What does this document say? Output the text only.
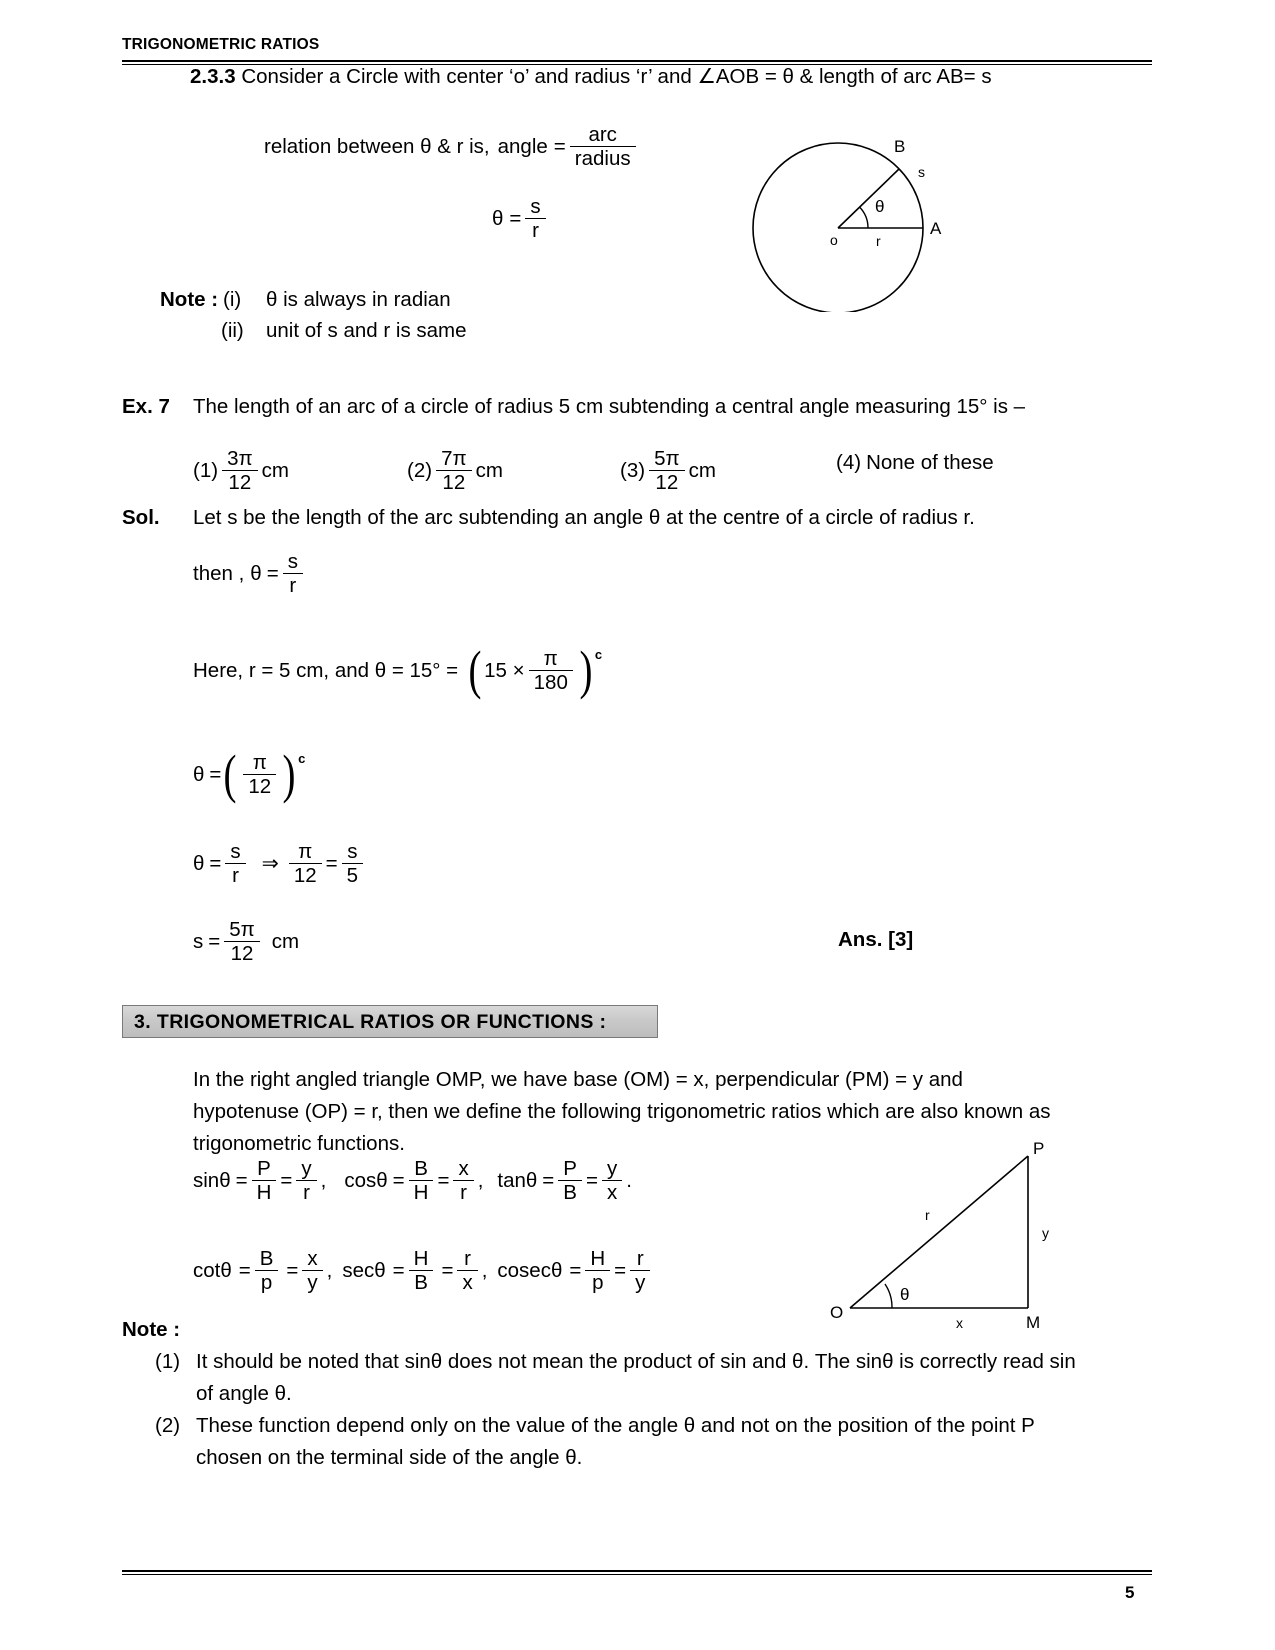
TRIGONOMETRIC RATIOS
2.3.3 Consider a Circle with center ‘o’ and radius ‘r’ and ∠AOB = θ & length of arc AB= s
relation between θ & r is, angle = $\frac{\text{arc}}{\text{radius}}$
$\theta = \frac{s}{r}$	θ
o	r
A
B
s
Note : (i) θ is always in radian
(ii) unit of s and r is same
Ex. 7 The length of an arc of a circle of radius 5 cm subtending a central angle measuring 15° is –
$(1) \frac{3\pi}{12}$ cm	$(2) \frac{7\pi}{12}$ cm	$(3) \frac{5\pi}{12}$ cm	(4) None of these
Sol. Let s be the length of the arc subtending an angle θ at the centre of a circle of radius r.
then , $\theta = \frac{s}{r}$
Here, r = 5 cm, and θ = 15° = ( $15 \times \frac{\pi}{180}$ ) c
θ = ( $\frac{\pi}{12}$ ) c
$\theta = \frac{s}{r}$ ⇒ $\frac{\pi}{12} = \frac{s}{5}$
$s = \frac{5\pi}{12}$ cm	Ans. [3]
3. TRIGONOMETRICAL RATIOS OR FUNCTIONS :
In the right angled triangle OMP, we have base (OM) = x, perpendicular (PM) = y and
hypotenuse (OP) = r, then we define the following trigonometric ratios which are also known as
trigonometric functions.
$\sin\theta = \frac{P}{H} = \frac{y}{r}$ , $\cos\theta = \frac{B}{H} = \frac{x}{r}$ , $\tan\theta = \frac{P}{B} = \frac{y}{x}$ .
$\cot\theta = \frac{B}{p} = \frac{x}{y}$ , $\sec\theta = \frac{H}{B} = \frac{r}{x}$ , $cosec\theta = \frac{H}{p} = \frac{r}{y}$
θ
O
M
P
x
y
r
Note :
(1) It should be noted that sinθ does not mean the product of sin and θ. The sinθ is correctly read sin
of angle θ.
(2) These function depend only on the value of the angle θ and not on the position of the point P
chosen on the terminal side of the angle θ.
5
